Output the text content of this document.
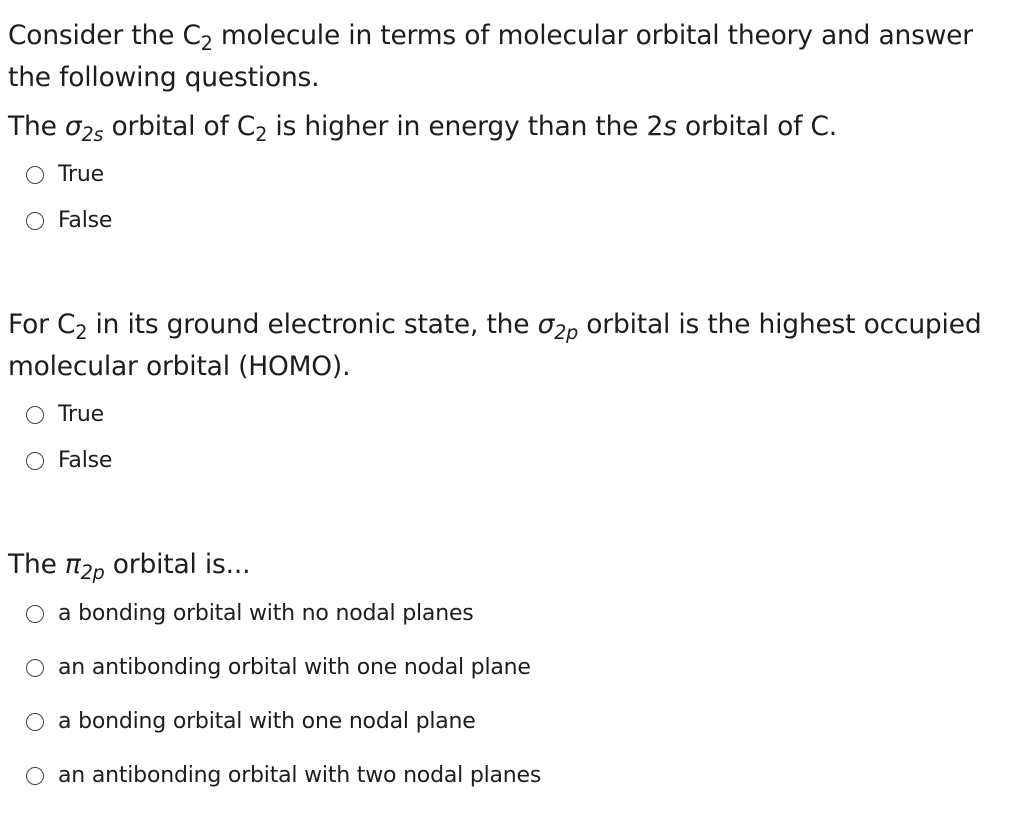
Consider the $C_2$ molecule in terms of molecular orbital theory and answer
the following questions.
The $\sigma_{2s}$ orbital of $C_2$ is higher in energy than the 2s orbital of C.
True
False
For $C_2$ in its ground electronic state, the $\sigma_{2p}$ orbital is the highest occupied
molecular orbital (HOMO).
True
False
The $\pi_{2p}$ orbital is...
a bonding orbital with no nodal planes
an antibonding orbital with one nodal plane
a bonding orbital with one nodal plane
an antibonding orbital with two nodal planes
